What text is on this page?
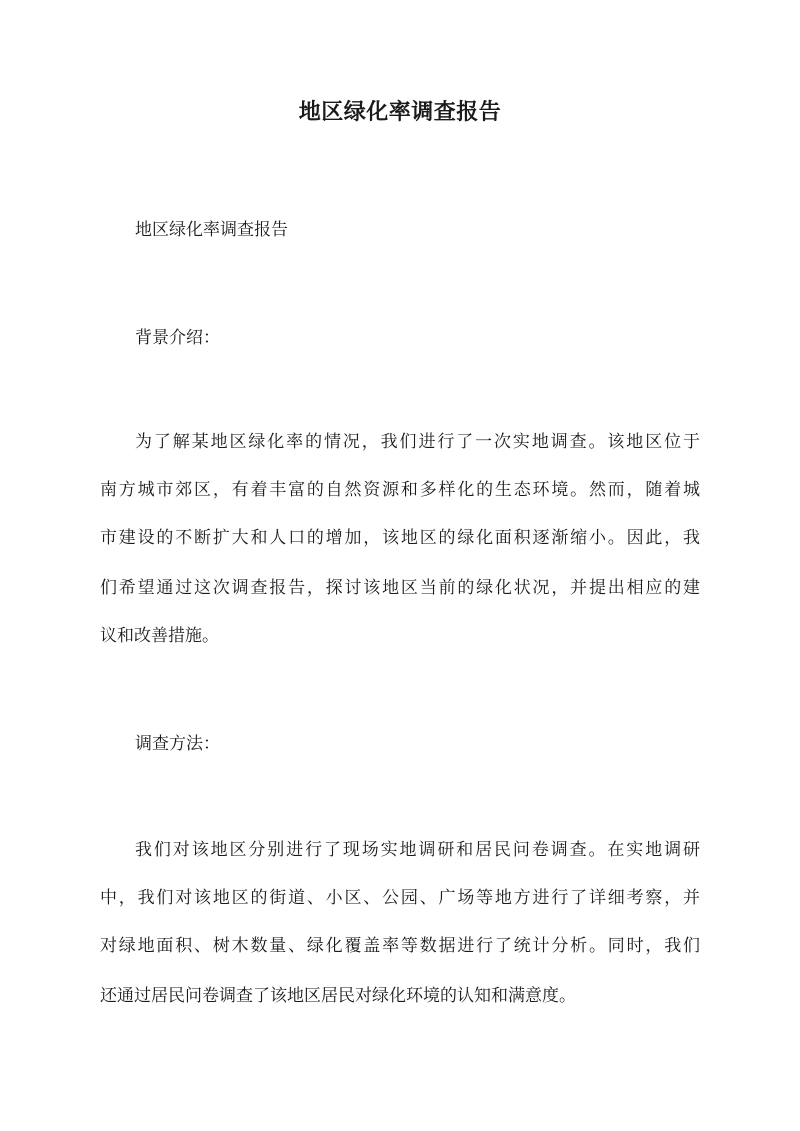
地区绿化率调查报告
地区绿化率调查报告
背景介绍：
为了解某地区绿化率的情况，我们进行了一次实地调查。该地区位于
南方城市郊区，有着丰富的自然资源和多样化的生态环境。然而，随着城
市建设的不断扩大和人口的增加，该地区的绿化面积逐渐缩小。因此，我
们希望通过这次调查报告，探讨该地区当前的绿化状况，并提出相应的建
议和改善措施。
调查方法：
我们对该地区分别进行了现场实地调研和居民问卷调查。在实地调研
中，我们对该地区的街道、小区、公园、广场等地方进行了详细考察，并
对绿地面积、树木数量、绿化覆盖率等数据进行了统计分析。同时，我们
还通过居民问卷调查了该地区居民对绿化环境的认知和满意度。
